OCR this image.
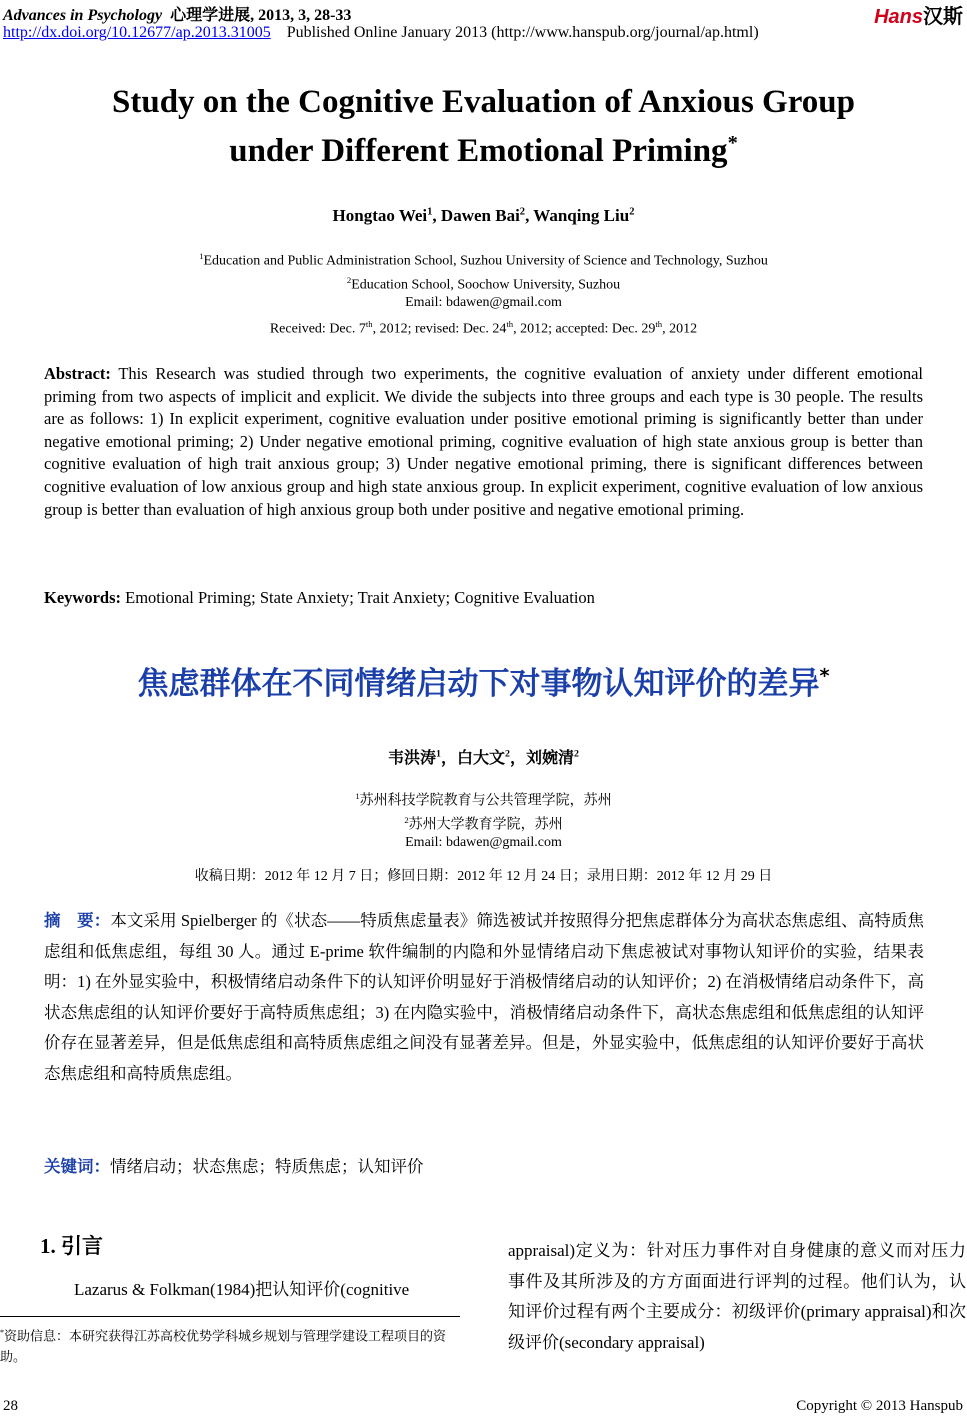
Advances in Psychology 心理学进展, 2013, 3, 28-33
http://dx.doi.org/10.12677/ap.2013.31005 Published Online January 2013 (http://www.hanspub.org/journal/ap.html)
Hans汉斯
Study on the Cognitive Evaluation of Anxious Group
under Different Emotional Priming*
Hongtao Wei$^1$, Dawen Bai$^2$, Wanqing Liu$^2$
$^1$Education and Public Administration School, Suzhou University of Science and Technology, Suzhou
$^2$Education School, Soochow University, Suzhou
Email: bdawen@gmail.com
Received: Dec. 7th, 2012; revised: Dec. 24th, 2012; accepted: Dec. 29th, 2012
Abstract: This Research was studied through two experiments, the cognitive evaluation of anxiety under different emotional priming from two aspects of implicit and explicit. We divide the subjects into three groups and each type is 30 people. The results are as follows: 1) In explicit experiment, cognitive evaluation under positive emotional priming is significantly better than under negative emotional priming; 2) Under negative emotional priming, cognitive evaluation of high state anxious group is better than cognitive evaluation of high trait anxious group; 3) Under negative emotional priming, there is significant differences between cognitive evaluation of low anxious group and high state anxious group. In explicit experiment, cognitive evaluation of low anxious group is better than evaluation of high anxious group both under positive and negative emotional priming.
Keywords: Emotional Priming; State Anxiety; Trait Anxiety; Cognitive Evaluation
焦虑群体在不同情绪启动下对事物认知评价的差异*
韦洪涛$^1$，白大文$^2$，刘婉清$^2$
$^1$苏州科技学院教育与公共管理学院，苏州
$^2$苏州大学教育学院，苏州
Email: bdawen@gmail.com
收稿日期：2012 年 12 月 7 日；修回日期：2012 年 12 月 24 日；录用日期：2012 年 12 月 29 日
摘　要：本文采用 Spielberger 的《状态——特质焦虑量表》筛选被试并按照得分把焦虑群体分为高状态焦虑组、高特质焦虑组和低焦虑组，每组 30 人。通过 E-prime 软件编制的内隐和外显情绪启动下焦虑被试对事物认知评价的实验，结果表明：1) 在外显实验中，积极情绪启动条件下的认知评价明显好于消极情绪启动的认知评价；2) 在消极情绪启动条件下，高状态焦虑组的认知评价要好于高特质焦虑组；3) 在内隐实验中，消极情绪启动条件下，高状态焦虑组和低焦虑组的认知评价存在显著差异，但是低焦虑组和高特质焦虑组之间没有显著差异。但是，外显实验中，低焦虑组的认知评价要好于高状态焦虑组和高特质焦虑组。
关键词：情绪启动；状态焦虑；特质焦虑；认知评价
1. 引言
Lazarus & Folkman(1984)把认知评价(cognitive
*资助信息：本研究获得江苏高校优势学科城乡规划与管理学建设工程项目的资助。
appraisal)定义为：针对压力事件对自身健康的意义而对压力事件及其所涉及的方方面面进行评判的过程。他们认为，认知评价过程有两个主要成分：初级评价(primary appraisal)和次级评价(secondary appraisal)
28	Copyright © 2013 Hanspub
